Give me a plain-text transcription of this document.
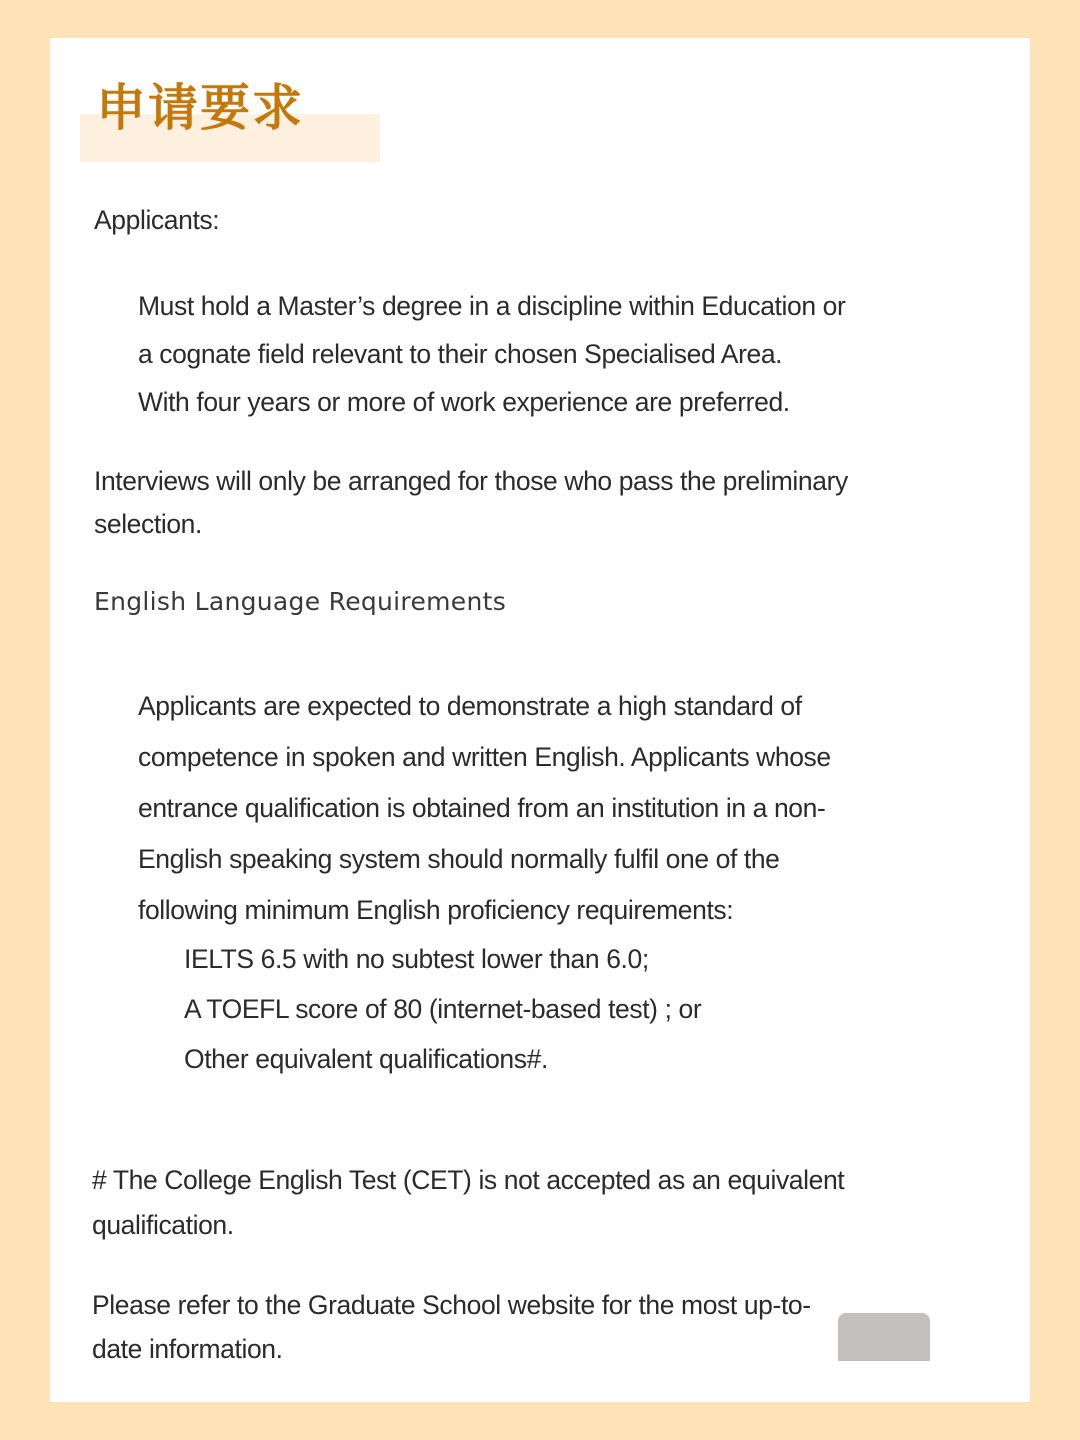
申请要求

Applicants:

Must hold a Master’s degree in a discipline within Education or
a cognate field relevant to their chosen Specialised Area.
With four years or more of work experience are preferred.

Interviews will only be arranged for those who pass the preliminary
selection.

English Language Requirements

Applicants are expected to demonstrate a high standard of
competence in spoken and written English. Applicants whose
entrance qualification is obtained from an institution in a non-
English speaking system should normally fulfil one of the
following minimum English proficiency requirements:

IELTS 6.5 with no subtest lower than 6.0;
A TOEFL score of 80 (internet-based test) ; or
Other equivalent qualifications#.

# The College English Test (CET) is not accepted as an equivalent
qualification.

Please refer to the Graduate School website for the most up-to-
date information.
